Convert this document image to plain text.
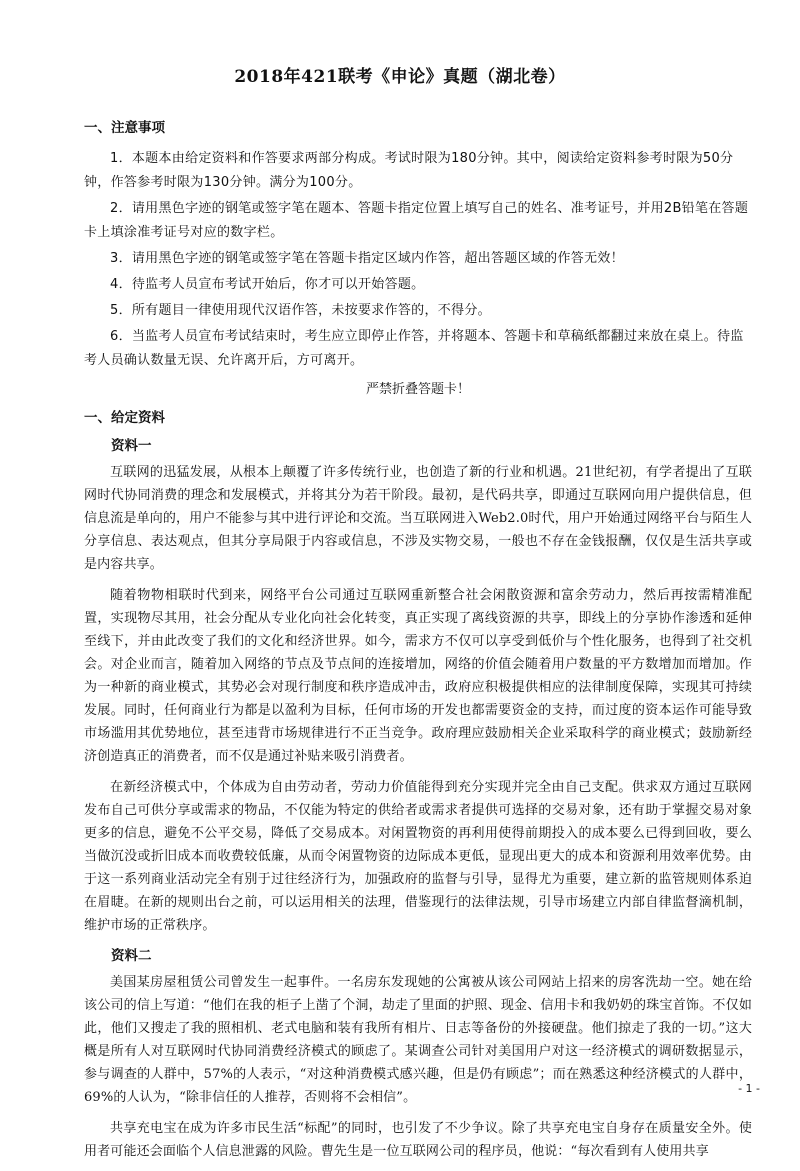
2018年421联考《申论》真题（湖北卷）
一、注意事项

1．本题本由给定资料和作答要求两部分构成。考试时限为180分钟。其中，阅读给定资料参考时限为50分钟，作答参考时限为130分钟。满分为100分。

2．请用黑色字迹的钢笔或签字笔在题本、答题卡指定位置上填写自己的姓名、准考证号，并用2B铅笔在答题卡上填涂准考证号对应的数字栏。

3．请用黑色字迹的钢笔或签字笔在答题卡指定区域内作答，超出答题区域的作答无效！

4．待监考人员宣布考试开始后，你才可以开始答题。

5．所有题目一律使用现代汉语作答，未按要求作答的，不得分。

6．当监考人员宣布考试结束时，考生应立即停止作答，并将题本、答题卡和草稿纸都翻过来放在桌上。待监考人员确认数量无误、允许离开后，方可离开。

严禁折叠答题卡！
一、给定资料
资料一

互联网的迅猛发展，从根本上颠覆了许多传统行业，也创造了新的行业和机遇。21世纪初，有学者提出了互联网时代协同消费的理念和发展模式，并将其分为若干阶段。最初，是代码共享，即通过互联网向用户提供信息，但信息流是单向的，用户不能参与其中进行评论和交流。当互联网进入Web2.0时代，用户开始通过网络平台与陌生人分享信息、表达观点，但其分享局限于内容或信息，不涉及实物交易，一般也不存在金钱报酬，仅仅是生活共享或是内容共享。

随着物物相联时代到来，网络平台公司通过互联网重新整合社会闲散资源和富余劳动力，然后再按需精准配置，实现物尽其用，社会分配从专业化向社会化转变，真正实现了离线资源的共享，即线上的分享协作渗透和延伸至线下，并由此改变了我们的文化和经济世界。如今，需求方不仅可以享受到低价与个性化服务，也得到了社交机会。对企业而言，随着加入网络的节点及节点间的连接增加，网络的价值会随着用户数量的平方数增加而增加。作为一种新的商业模式，其势必会对现行制度和秩序造成冲击，政府应积极提供相应的法律制度保障，实现其可持续发展。同时，任何商业行为都是以盈利为目标，任何市场的开发也都需要资金的支持，而过度的资本运作可能导致市场滥用其优势地位，甚至违背市场规律进行不正当竞争。政府理应鼓励相关企业采取科学的商业模式；鼓励新经济创造真正的消费者，而不仅是通过补贴来吸引消费者。

在新经济模式中，个体成为自由劳动者，劳动力价值能得到充分实现并完全由自己支配。供求双方通过互联网发布自己可供分享或需求的物品，不仅能为特定的供给者或需求者提供可选择的交易对象，还有助于掌握交易对象更多的信息，避免不公平交易，降低了交易成本。对闲置物资的再利用使得前期投入的成本要么已得到回收，要么当做沉没或折旧成本而收费较低廉，从而令闲置物资的边际成本更低，显现出更大的成本和资源利用效率优势。由于这一系列商业活动完全有别于过往经济行为，加强政府的监督与引导，显得尤为重要，建立新的监管规则体系迫在眉睫。在新的规则出台之前，可以运用相关的法理，借鉴现行的法律法规，引导市场建立内部自律监督滴机制，维护市场的正常秩序。

资料二

美国某房屋租赁公司曾发生一起事件。一名房东发现她的公寓被从该公司网站上招来的房客洗劫一空。她在给该公司的信上写道：“他们在我的柜子上凿了个洞，劫走了里面的护照、现金、信用卡和我奶奶的珠宝首饰。不仅如此，他们又搜走了我的照相机、老式电脑和装有我所有相片、日志等备份的外接硬盘。他们掠走了我的一切。”这大概是所有人对互联网时代协同消费经济模式的顾虑了。某调查公司针对美国用户对这一经济模式的调研数据显示，参与调查的人群中，57%的人表示，“对这种消费模式感兴趣，但是仍有顾虑”；而在熟悉这种经济模式的人群中，69%的人认为，“除非信任的人推荐，否则将不会相信”。

共享充电宝在成为许多市民生活“标配”的同时，也引发了不少争议。除了共享充电宝自身存在质量安全外。使用者可能还会面临个人信息泄露的风险。曹先生是一位互联网公司的程序员，他说：“每次看到有人使用共享

- 1 -
